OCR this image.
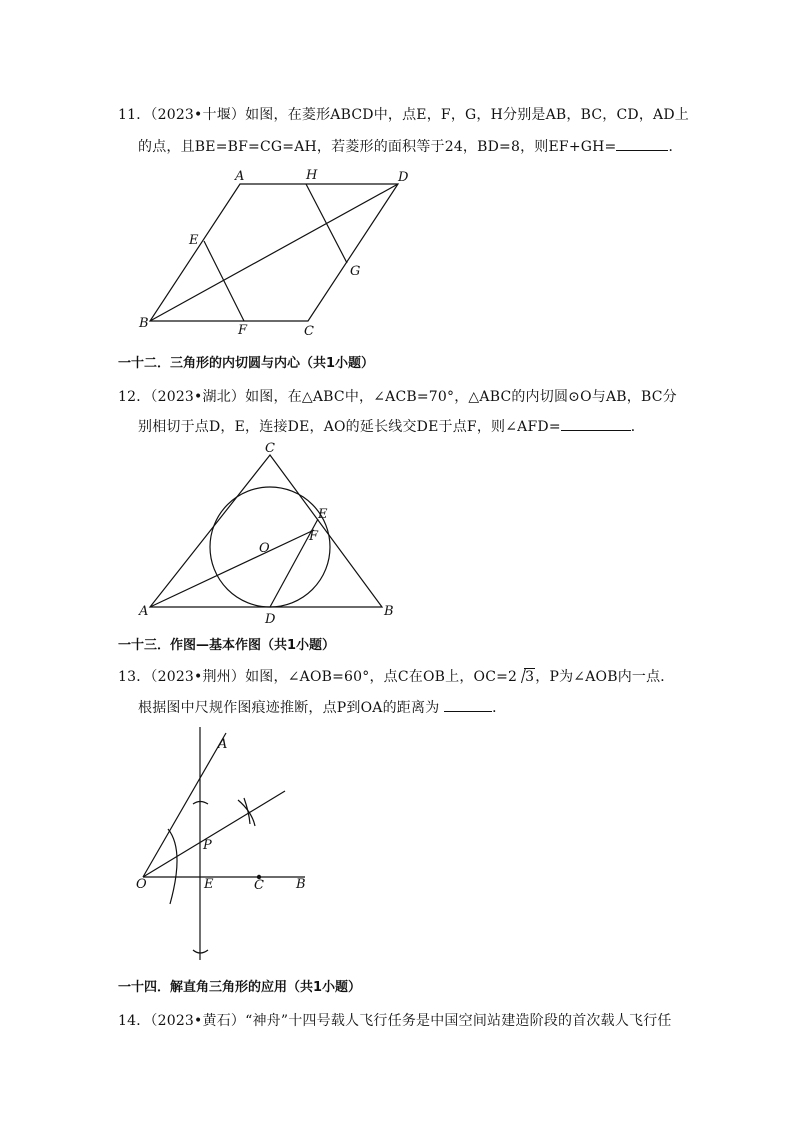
11．（2023•十堰）如图，在菱形ABCD中，点E，F，G，H分别是AB，BC，CD，AD上
的点，且BE=BF=CG=AH，若菱形的面积等于24，BD=8，则EF+GH=	．
A	H	D
E
G
B	F	C
C
E
F
O
A	B
D
A
P
O	E	C B
一十二．三角形的内切圆与内心（共1小题）
12．（2023•湖北）如图，在△ABC中，∠ACB=70°，△ABC的内切圆⊙O与AB，BC分
别相切于点D，E，连接DE，AO的延长线交DE于点F，则∠AFD=	．
一十三．作图—基本作图（共1小题）
13．（2023•荆州）如图，∠AOB=60°，点C在OB上，OC=2 3，P为∠AOB内一点．
根据图中尺规作图痕迹推断，点P到OA的距离为	．
一十四．解直角三角形的应用（共1小题）
14．（2023•黄石）“神舟”十四号载人飞行任务是中国空间站建造阶段的首次载人飞行任
